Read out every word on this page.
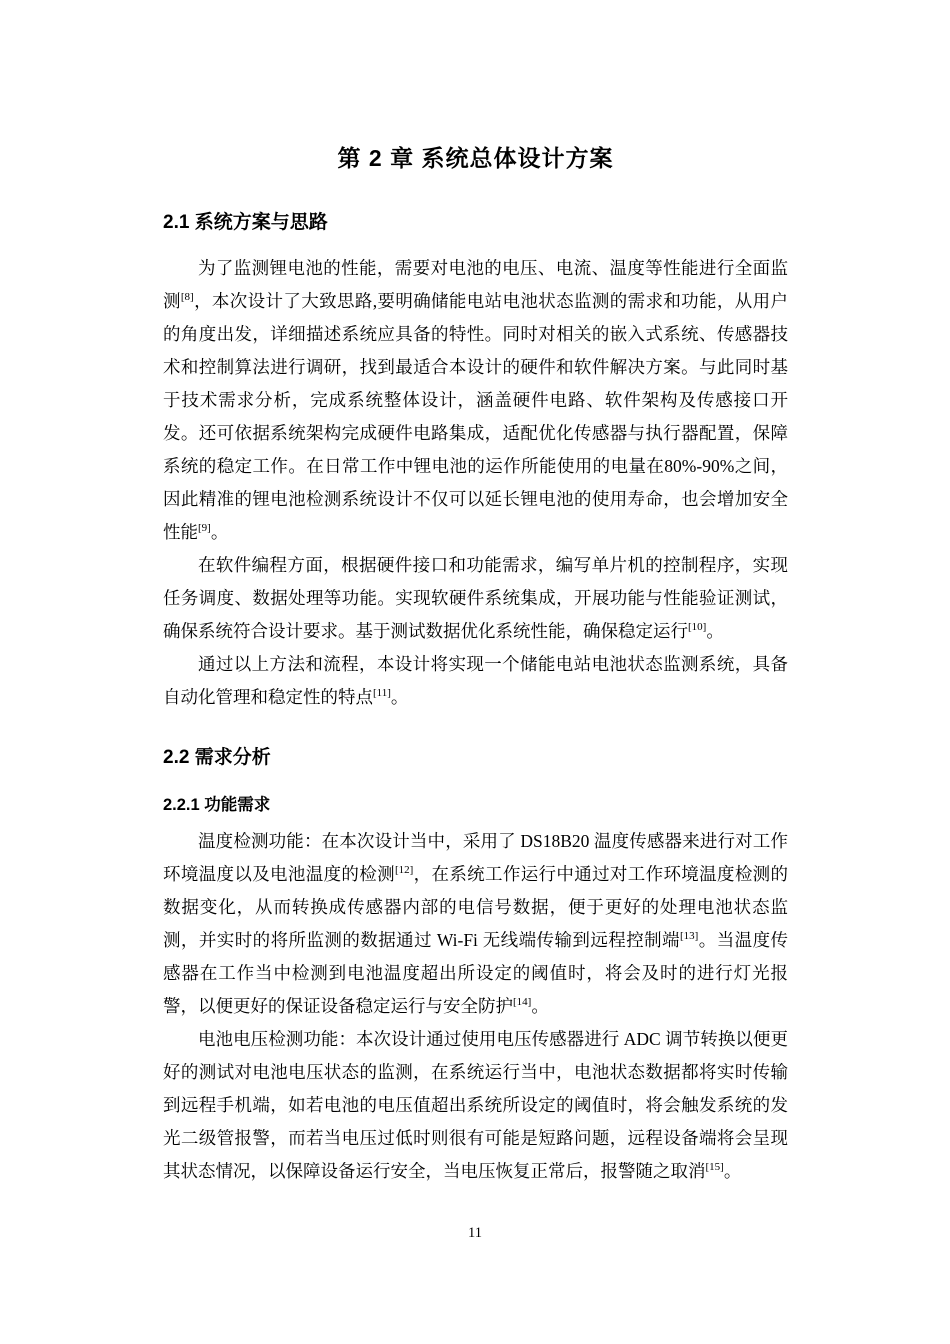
第 2 章 系统总体设计方案
2.1 系统方案与思路

为了监测锂电池的性能，需要对电池的电压、电流、温度等性能进行全面监测[8]，本次设计了大致思路,要明确储能电站电池状态监测的需求和功能，从用户的角度出发，详细描述系统应具备的特性。同时对相关的嵌入式系统、传感器技术和控制算法进行调研，找到最适合本设计的硬件和软件解决方案。与此同时基于技术需求分析，完成系统整体设计，涵盖硬件电路、软件架构及传感接口开发。还可依据系统架构完成硬件电路集成，适配优化传感器与执行器配置，保障系统的稳定工作。在日常工作中锂电池的运作所能使用的电量在80%-90%之间，因此精准的锂电池检测系统设计不仅可以延长锂电池的使用寿命，也会增加安全性能[9]。

在软件编程方面，根据硬件接口和功能需求，编写单片机的控制程序，实现任务调度、数据处理等功能。实现软硬件系统集成，开展功能与性能验证测试，确保系统符合设计要求。基于测试数据优化系统性能，确保稳定运行[10]。

通过以上方法和流程，本设计将实现一个储能电站电池状态监测系统，具备自动化管理和稳定性的特点[11]。

2.2 需求分析
2.2.1 功能需求

温度检测功能：在本次设计当中，采用了 DS18B20 温度传感器来进行对工作环境温度以及电池温度的检测[12]，在系统工作运行中通过对工作环境温度检测的数据变化，从而转换成传感器内部的电信号数据，便于更好的处理电池状态监测，并实时的将所监测的数据通过 Wi-Fi 无线端传输到远程控制端[13]。当温度传感器在工作当中检测到电池温度超出所设定的阈值时，将会及时的进行灯光报警，以便更好的保证设备稳定运行与安全防护[14]。

电池电压检测功能：本次设计通过使用电压传感器进行 ADC 调节转换以便更好的测试对电池电压状态的监测，在系统运行当中，电池状态数据都将实时传输到远程手机端，如若电池的电压值超出系统所设定的阈值时，将会触发系统的发光二级管报警，而若当电压过低时则很有可能是短路问题，远程设备端将会呈现其状态情况，以保障设备运行安全，当电压恢复正常后，报警随之取消[15]。

11
